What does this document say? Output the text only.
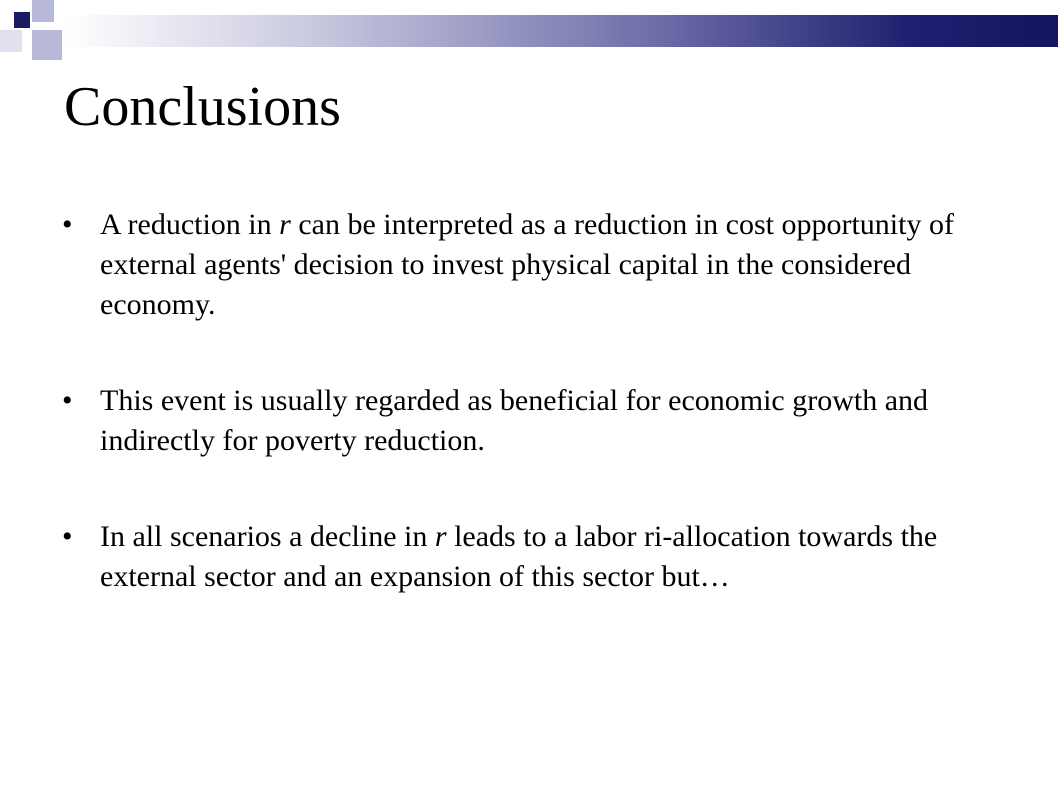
Conclusions
• A reduction in r can be interpreted as a reduction in cost opportunity of external agents' decision to invest physical capital in the considered economy.
• This event is usually regarded as beneficial for economic growth and indirectly for poverty reduction.
• In all scenarios a decline in r leads to a labor ri-allocation towards the external sector and an expansion of this sector but…
